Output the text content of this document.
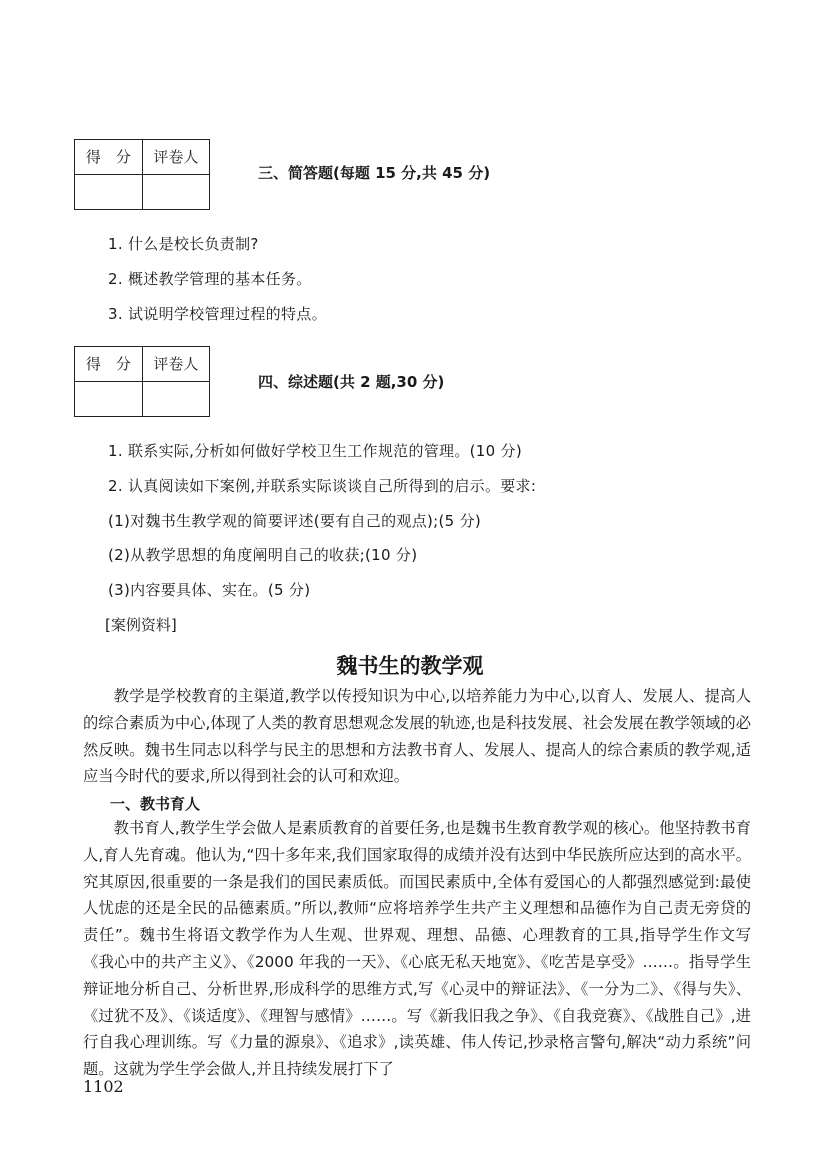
得　分	评卷人

三、简答题(每题 15 分,共 45 分)
1. 什么是校长负责制?
2. 概述教学管理的基本任务。
3. 试说明学校管理过程的特点。
得　分	评卷人

四、综述题(共 2 题,30 分)
1. 联系实际,分析如何做好学校卫生工作规范的管理。(10 分)
2. 认真阅读如下案例,并联系实际谈谈自己所得到的启示。要求:
(1)对魏书生教学观的简要评述(要有自己的观点);(5 分)
(2)从教学思想的角度阐明自己的收获;(10 分)
(3)内容要具体、实在。(5 分)
[案例资料]
魏书生的教学观

教学是学校教育的主渠道,教学以传授知识为中心,以培养能力为中心,以育人、发展人、提高人的综合素质为中心,体现了人类的教育思想观念发展的轨迹,也是科技发展、社会发展在教学领域的必然反映。魏书生同志以科学与民主的思想和方法教书育人、发展人、提高人的综合素质的教学观,适应当今时代的要求,所以得到社会的认可和欢迎。

一、教书育人

教书育人,教学生学会做人是素质教育的首要任务,也是魏书生教育教学观的核心。他坚持教书育人,育人先育魂。他认为,“四十多年来,我们国家取得的成绩并没有达到中华民族所应达到的高水平。究其原因,很重要的一条是我们的国民素质低。而国民素质中,全体有爱国心的人都强烈感觉到:最使人忧虑的还是全民的品德素质。”所以,教师“应将培养学生共产主义理想和品德作为自己责无旁贷的责任”。魏书生将语文教学作为人生观、世界观、理想、品德、心理教育的工具,指导学生作文写《我心中的共产主义》、《2000 年我的一天》、《心底无私天地宽》、《吃苦是享受》……。指导学生辩证地分析自己、分析世界,形成科学的思维方式,写《心灵中的辩证法》、《一分为二》、《得与失》、《过犹不及》、《谈适度》、《理智与感情》……。写《新我旧我之争》、《自我竞赛》、《战胜自己》,进行自我心理训练。写《力量的源泉》、《追求》,读英雄、伟人传记,抄录格言警句,解决“动力系统”问题。这就为学生学会做人,并且持续发展打下了

1102
